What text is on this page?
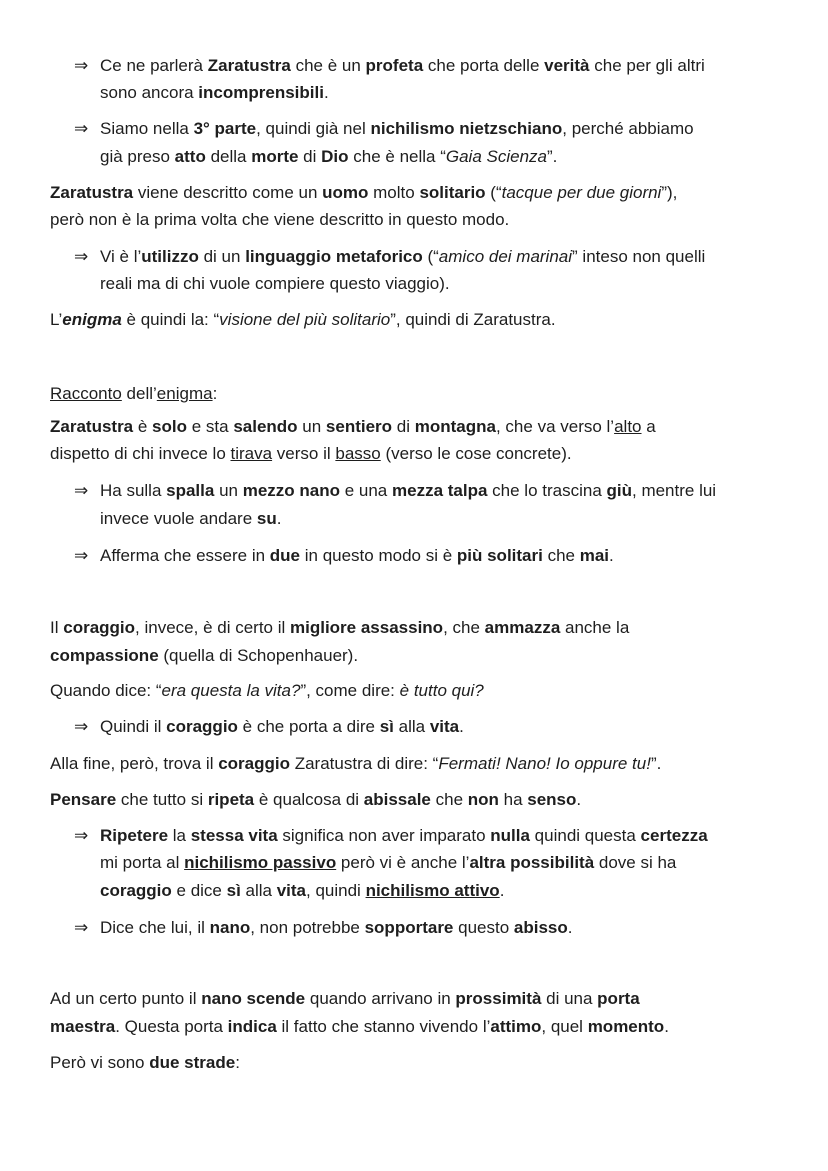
⇒ Ce ne parlerà Zaratustra che è un profeta che porta delle verità che per gli altri
sono ancora incomprensibili.
⇒ Siamo nella 3° parte, quindi già nel nichilismo nietzschiano, perché abbiamo
già preso atto della morte di Dio che è nella “Gaia Scienza”.
Zaratustra viene descritto come un uomo molto solitario (“tacque per due giorni”),
però non è la prima volta che viene descritto in questo modo.
⇒ Vi è l’utilizzo di un linguaggio metaforico (“amico dei marinai” inteso non quelli
reali ma di chi vuole compiere questo viaggio).
L’enigma è quindi la: “visione del più solitario”, quindi di Zaratustra.
Racconto dell’enigma:
Zaratustra è solo e sta salendo un sentiero di montagna, che va verso l’alto a
dispetto di chi invece lo tirava verso il basso (verso le cose concrete).
⇒ Ha sulla spalla un mezzo nano e una mezza talpa che lo trascina giù, mentre lui
invece vuole andare su.
⇒ Afferma che essere in due in questo modo si è più solitari che mai.
Il coraggio, invece, è di certo il migliore assassino, che ammazza anche la
compassione (quella di Schopenhauer).
Quando dice: “era questa la vita?”, come dire: è tutto qui?
⇒ Quindi il coraggio è che porta a dire sì alla vita.
Alla fine, però, trova il coraggio Zaratustra di dire: “Fermati! Nano! Io oppure tu!”.
Pensare che tutto si ripeta è qualcosa di abissale che non ha senso.
⇒ Ripetere la stessa vita significa non aver imparato nulla quindi questa certezza
mi porta al nichilismo passivo però vi è anche l’altra possibilità dove si ha
coraggio e dice sì alla vita, quindi nichilismo attivo.
⇒ Dice che lui, il nano, non potrebbe sopportare questo abisso.
Ad un certo punto il nano scende quando arrivano in prossimità di una porta
maestra. Questa porta indica il fatto che stanno vivendo l’attimo, quel momento.
Però vi sono due strade:
